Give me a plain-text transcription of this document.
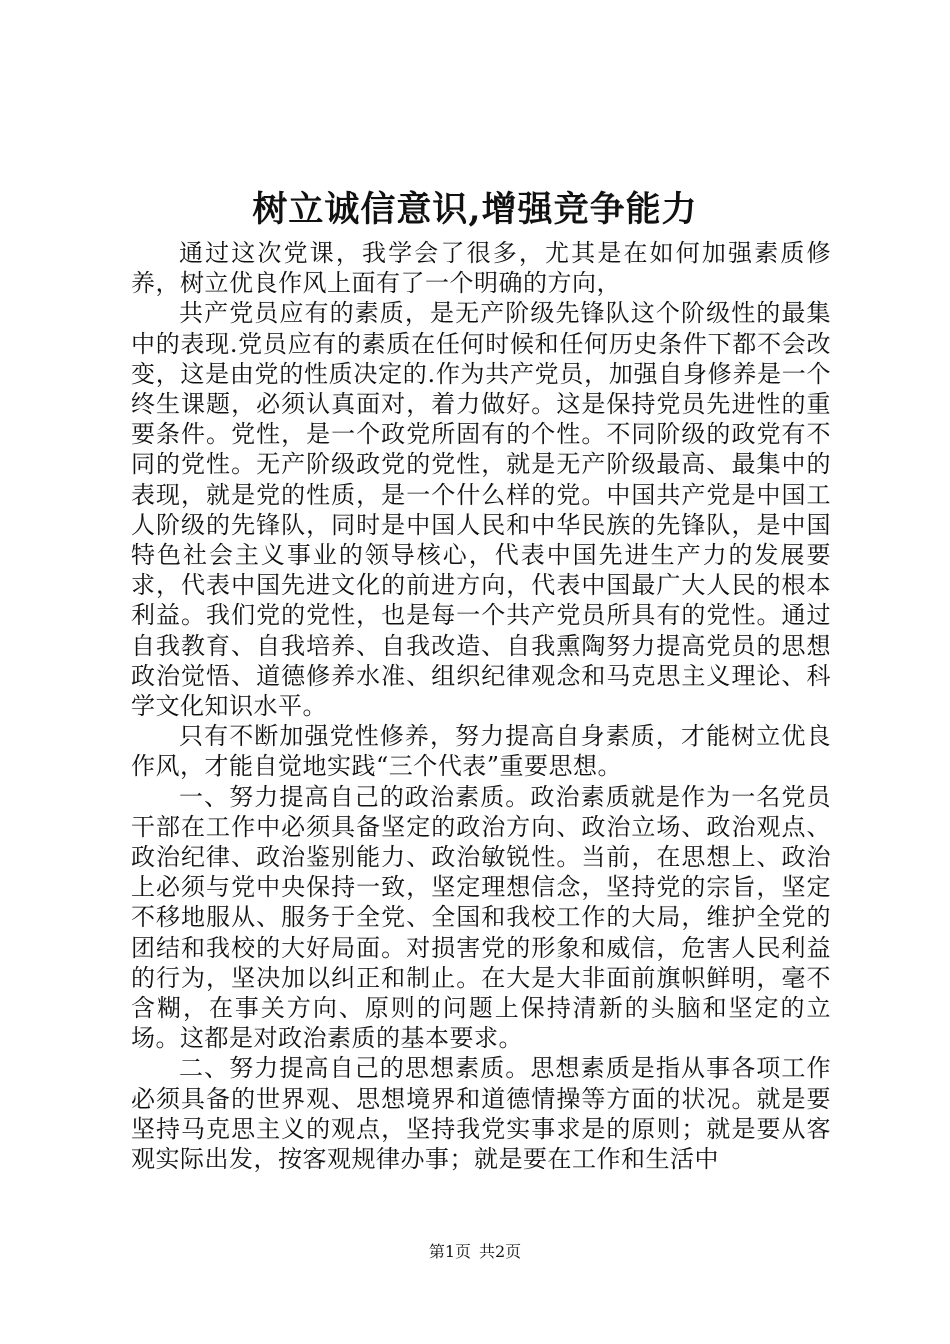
树立诚信意识,增强竞争能力

通过这次党课，我学会了很多，尤其是在如何加强素质修养，树立优良作风上面有了一个明确的方向，

共产党员应有的素质，是无产阶级先锋队这个阶级性的最集中的表现.党员应有的素质在任何时候和任何历史条件下都不会改变，这是由党的性质决定的.作为共产党员，加强自身修养是一个终生课题，必须认真面对，着力做好。这是保持党员先进性的重要条件。党性，是一个政党所固有的个性。不同阶级的政党有不同的党性。无产阶级政党的党性，就是无产阶级最高、最集中的表现，就是党的性质，是一个什么样的党。中国共产党是中国工人阶级的先锋队，同时是中国人民和中华民族的先锋队，是中国特色社会主义事业的领导核心，代表中国先进生产力的发展要求，代表中国先进文化的前进方向，代表中国最广大人民的根本利益。我们党的党性，也是每一个共产党员所具有的党性。通过自我教育、自我培养、自我改造、自我熏陶努力提高党员的思想政治觉悟、道德修养水准、组织纪律观念和马克思主义理论、科学文化知识水平。

只有不断加强党性修养，努力提高自身素质，才能树立优良作风，才能自觉地实践“三个代表”重要思想。

一、努力提高自己的政治素质。政治素质就是作为一名党员干部在工作中必须具备坚定的政治方向、政治立场、政治观点、政治纪律、政治鉴别能力、政治敏锐性。当前，在思想上、政治上必须与党中央保持一致，坚定理想信念，坚持党的宗旨，坚定不移地服从、服务于全党、全国和我校工作的大局，维护全党的团结和我校的大好局面。对损害党的形象和威信，危害人民利益的行为，坚决加以纠正和制止。在大是大非面前旗帜鲜明，毫不含糊，在事关方向、原则的问题上保持清新的头脑和坚定的立场。这都是对政治素质的基本要求。

二、努力提高自己的思想素质。思想素质是指从事各项工作必须具备的世界观、思想境界和道德情操等方面的状况。就是要坚持马克思主义的观点，坚持我党实事求是的原则；就是要从客观实际出发，按客观规律办事；就是要在工作和生活中

第1页 共2页
